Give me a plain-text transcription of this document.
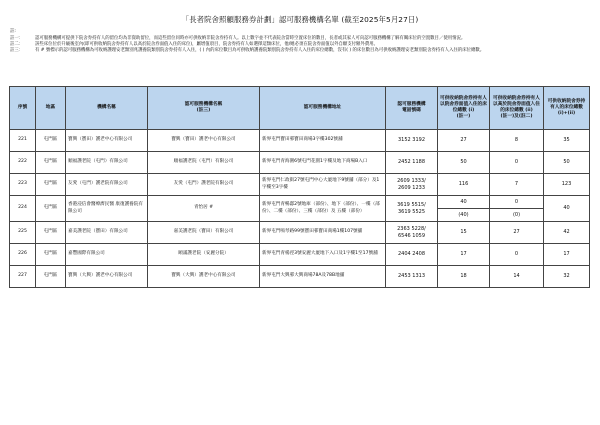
「長者院舍照顧服務券計劃」認可服務機構名單 (截至2025年5月27日)
註:
註一：	認可服務機構可提供下院舍券持有人的留位均為非資助留位，而這些留位同時亦可供收納非院舍券持有人。以上數字並不代表院舍當時空置床位的數目，長者或其家人可向認可服務機構了解有關床位的空置數目／使用情況。
註二：	該些床位位於升級後室內(即可供收納院舍券持有人以高於院舍券面值入住的床位)，屬增值項目，院舍券持有人如選擇這類床位，他/她必須在院舍券面值以外自願支付額外費用。
註三：	有 # 號標示的認可服務機構為可收納護理安老類別兆護養院類別院舍券持有人入住，( ) 內的床位數目為可供收納護養院類別院舍券持有人入住的床位總數，沒有( ) 的床位數目為可供收納護理安老類別院舍券持有人入住的床位總數。
序號	地區	機構名稱	認可服務機構名稱
(註三)	認可服務機構地址	認可服務機構
電話號碼	可供收納院舍券持有人以院舍券面值入住的床位總數 (i)
(註一)	可供收納院舍券持有人以高於院舍券面值入住的床位總數 (ii)
(註一)及(註二)	可供收納院舍券持有人的床位總數(i)+(ii)
221	屯門區	寶興（寶田）護老中心有限公司	寶興（寶田）護老中心有限公司	新界屯門寶田邨寶田商場3字樓302號舖	3152 3192	27	8	35
222	屯門區	順福護老院（屯門）有限公司	順福護老院（屯門）有限公司	新界屯門青海圍6號屯門花園1字樓及地下商場B入口	2452 1188	50	0	50
223	屯門區	友愛（屯門）護老院有限公司	友愛（屯門）護老院有限公司	新界屯門仁政街27號屯門中心大廈地下9號舖（部分）及1字樓至3字樓	2609 1333/
2609 1233	116	7	123
224	屯門區	香港浸信會醫療濟民醫 康復護養院有限公司	青怡居 #	新界屯門青暢邸2號地庫（部份）、地下（部份）、一樓（部份）、二樓（部份）、三樓（部份）及 五樓（部份）	3619 5515/
3619 5525	40	0	40
						(40)	(0)	
225	屯門區	嘉美護老院（寶田）有限公司	嘉美護老院（寶田）有限公司	新界屯門鳴琴路99號寶田邨寶田商場1樓107號舖	2363 5228/
6546 1059	15	27	42
226	屯門區	嘉豐國際有限公司	頤滿護老院（安麗分院）	新界屯門青楊徑3號安麗大廈地下入口及1字樓1至17號舖	2404 2408	17	0	17
227	屯門區	寶興（大興）護老中心有限公司	寶興（大興）護老中心有限公司	新界屯門大興邨大興商場78A及78B地舖	2453 1313	18	14	32
